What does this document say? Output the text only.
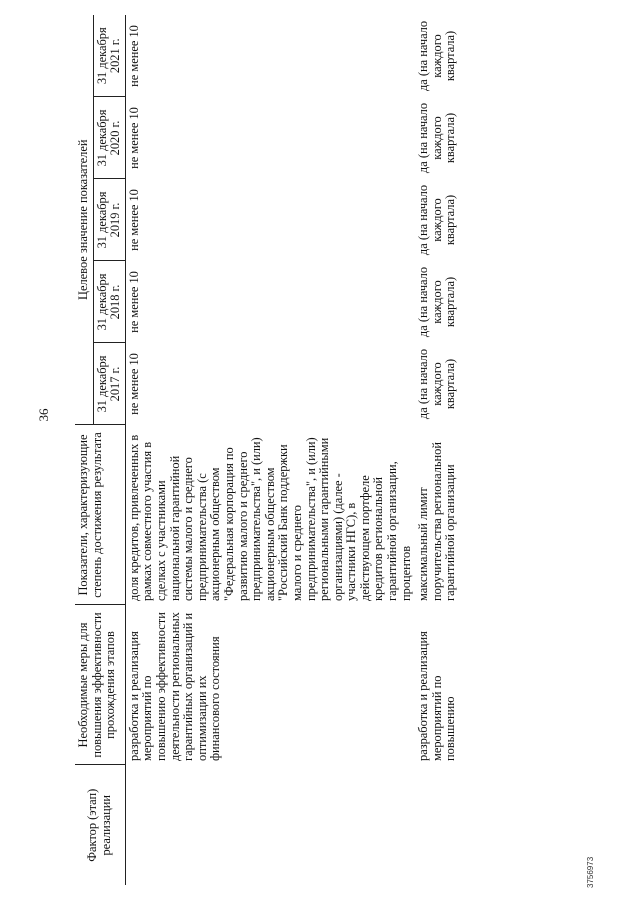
36
Фактор (этап) реализации	Необходимые меры для повышения эффективности прохождения этапов	Показатели, характеризующие степень достижения результата	Целевое значение показателей				
			31 декабря 2017 г.	31 декабря 2018 г.	31 декабря 2019 г.	31 декабря 2020 г.	31 декабря 2021 г.
	разработка и реализация мероприятий по повышению эффективности деятельности региональных гарантийных организаций и оптимизации их финансового состояния	доля кредитов, привлеченных в рамках совместного участия в сделках с участниками национальной гарантийной системы малого и среднего предпринимательства (с акционерным обществом "Федеральная корпорация по развитию малого и среднего предпринимательства", и (или) акционерным обществом "Российский Банк поддержки малого и среднего предпринимательства", и (или) региональными гарантийными организациями) (далее - участники НГС), в действующем портфеле кредитов региональной гарантийной организации, процентов	не менее 10	не менее 10	не менее 10	не менее 10	не менее 10
	разработка и реализация мероприятий по повышению	максимальный лимит поручительства региональной гарантийной организации	да (на начало каждого квартала)	да (на начало каждого квартала)	да (на начало каждого квартала)	да (на начало каждого квартала)	да (на начало каждого квартала)
3756973
